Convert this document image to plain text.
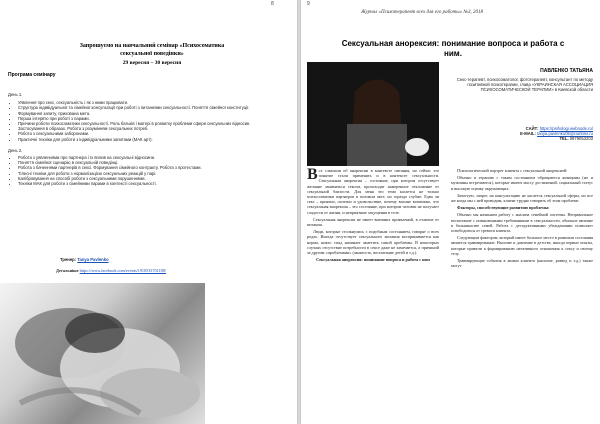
8
Запрошуємо на навчальний семінар «Психосоматика
сексуальної поведінки»
29 вересня – 30 вересня
Програма семінару
День 1.
• Уявлення про секс, сексуальність і як з ними працювати.
• Структура індивідуальної та сімейної консультації при роботі з питаннями сексуальності. Поняття сімейної конституції.
• Формування запиту, прихована мета.
• Перша інтерв'ю при роботі з парами.
• Причини роботи психосоматики сексуальності. Роль батьків і матері в розвитку проблеми сфери сексуальних відносин.
• Застосування в образах. Робота з розумінням сексуальних потреб.
• Робота з сексуальними заборонами.
• Практичні техніки для роботи з індивідуальними запитами (МАК арт).
День 2.
• Робота з уявленнями про партнера і їх вплив на сексуальні відносини.
• Поняття сімейної сценарію в сексуальній поведінці.
• Робота з баченнями партнерів в сексі. Формування сімейного контракту. Робота з протестами.
• Тілесні техніки для роботи з нормалізацією сексуальних реакцій у парі.
• Калібровування на способі роботи з сексуальними порушеннями.
• Техніки МАК для роботи з сімейними парами в контексті сексуальності.
Тренер: Tanya Pavlenko
Детальніше https://www.facebook.com/events/1910533701188/
9
Журнал «Психотерапевт всеx для его работы» №3, 2018
Сексуальная анорексия: понимание вопроса и работа с
ним.
ПАВЛЕНКО ТАТЬЯНА
Секс-терапевт, психосоматолог, фототерапевт, консультант по методу позитивной психотерапии, глава «УКРАИНСКАЯ АССОЦИАЦИЯ ПСИХОСОМАТИЧЕСКОЙ ТЕРАПИИ» в Киевской области
САЙТ: https://psihologi.webnode.ru/
E-MAIL: tanya.pavlenko05@rambler.ru
TEL. 0979053203

Все слышали об анорексии в контексте питания, но сейчас это понятие стали применять и в контексте сексуальности. Сексуальная анорексия – состояние, при котором отсутствует желание заниматься сексом, происходит намеренное отклонение от сексуальной близости. Для меня это тема касается не только психосоматики партнеров в половом акте, но гораздо глубже. Едва ли секс – приятно, полезно и удовольствие, почему вполне возможно, что сексуальная анорексия – это состояние, при котором человек не получает сладости от жизни, и неприятные ощущения в теле.

Сексуальная анорексия не имеет внешних проявлений, в отличие от питания.

Люди, которые столкнулись с подобным состоянием, говорят о всех родах. Иногда отсутствует сексуального желания воспринимается как норма, никто стыд начинает заметить самой проблемы. В некоторых случаях отсутствие потребности в сексе даже не замечается, а причиной за другим «проблемами» (занятость, воспитание детей и т.д.).

Сексуальная анорексия: понимание вопроса и работа с ним

Психологический портрет клиента с сексуальной анорексией:

Обычно в терапию с таким состоянием обращаются женщины (но и мужчины встречаются), которые имеют массу достижений, социальный статус и высокую оценку окружающих.

Зачастую, запрос на консультацию не касается сексуальной сферы, но все же когда мы с ней проводим, клиент трудно говорить об этом проблеме.

Факторы, способствующие развитию проблемы:

Обычно мы начинаем работу с анализа семейной системы. Неправильное воспитание с повышенными требованиями в сексуальности, обычное явление в большинстве семей. Работа с деструктивными убеждениями позволяет освободиться от тревоги клиента.

Следующим фактором, который имеет большое место в развитии состояния является травмирование. Насилие и давление в детстве, иногда первые опыты, которые привели к формированию негативного отношения к сексу и своему телу.

Травмирующие события в жизни клиента (насилие, развод и т.д.) также могут
